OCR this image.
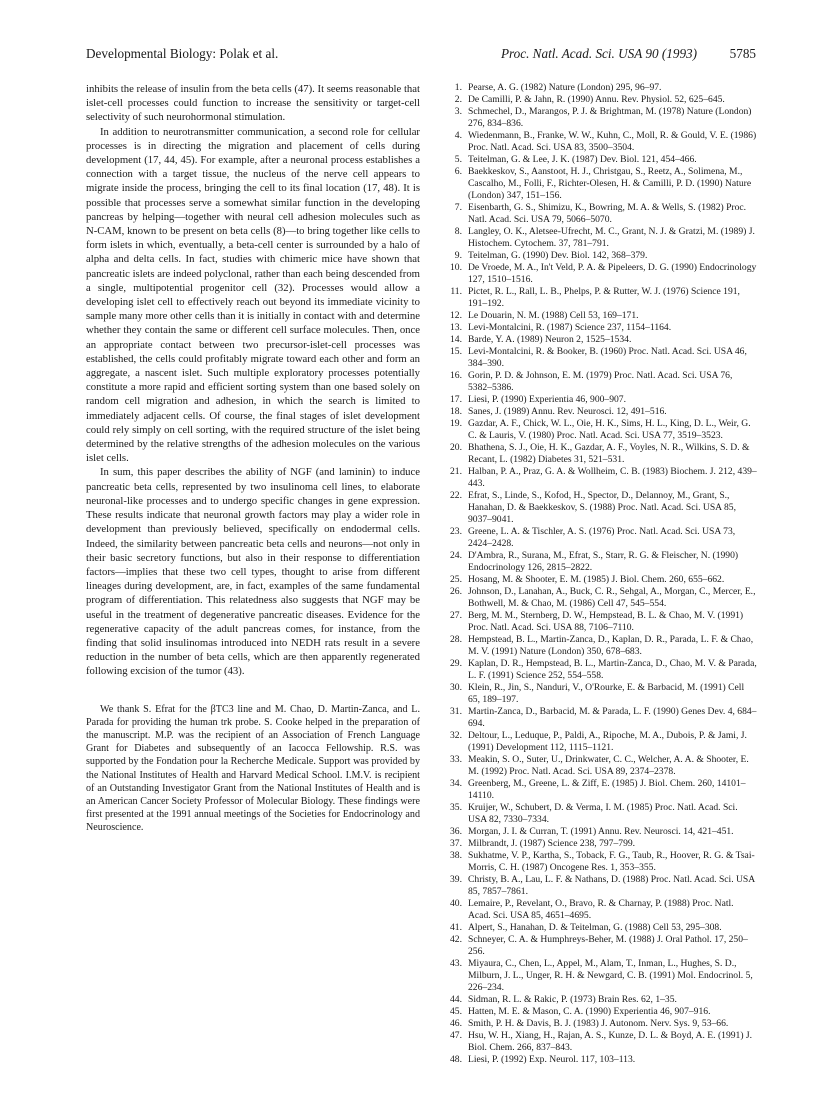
Developmental Biology: Polak et al.	Proc. Natl. Acad. Sci. USA 90 (1993) 5785

inhibits the release of insulin from the beta cells (47). It seems reasonable that islet-cell processes could function to increase the sensitivity or target-cell selectivity of such neurohormonal stimulation.

In addition to neurotransmitter communication, a second role for cellular processes is in directing the migration and placement of cells during development (17, 44, 45). For example, after a neuronal process establishes a connection with a target tissue, the nucleus of the nerve cell appears to migrate inside the process, bringing the cell to its final location (17, 48). It is possible that processes serve a somewhat similar function in the developing pancreas by helping—together with neural cell adhesion molecules such as N-CAM, known to be present on beta cells (8)—to bring together like cells to form islets in which, eventually, a beta-cell center is surrounded by a halo of alpha and delta cells. In fact, studies with chimeric mice have shown that pancreatic islets are indeed polyclonal, rather than each being descended from a single, multipotential progenitor cell (32). Processes would allow a developing islet cell to effectively reach out beyond its immediate vicinity to sample many more other cells than it is initially in contact with and determine whether they contain the same or different cell surface molecules. Then, once an appropriate contact between two precursor-islet-cell processes was established, the cells could profitably migrate toward each other and form an aggregate, a nascent islet. Such multiple exploratory processes potentially constitute a more rapid and efficient sorting system than one based solely on random cell migration and adhesion, in which the search is limited to immediately adjacent cells. Of course, the final stages of islet development could rely simply on cell sorting, with the required structure of the islet being determined by the relative strengths of the adhesion molecules on the various islet cells.

In sum, this paper describes the ability of NGF (and laminin) to induce pancreatic beta cells, represented by two insulinoma cell lines, to elaborate neuronal-like processes and to undergo specific changes in gene expression. These results indicate that neuronal growth factors may play a wider role in development than previously believed, specifically on endodermal cells. Indeed, the similarity between pancreatic beta cells and neurons—not only in their basic secretory functions, but also in their response to differentiation factors—implies that these two cell types, thought to arise from different lineages during development, are, in fact, examples of the same fundamental program of differentiation. This relatedness also suggests that NGF may be useful in the treatment of degenerative pancreatic diseases. Evidence for the regenerative capacity of the adult pancreas comes, for instance, from the finding that solid insulinomas introduced into NEDH rats result in a severe reduction in the number of beta cells, which are then apparently regenerated following excision of the tumor (43).

We thank S. Efrat for the βTC3 line and M. Chao, D. Martin-Zanca, and L. Parada for providing the human trk probe. S. Cooke helped in the preparation of the manuscript. M.P. was the recipient of an Association of French Language Grant for Diabetes and subsequently of an Iacocca Fellowship. R.S. was supported by the Fondation pour la Recherche Medicale. Support was provided by the National Institutes of Health and Harvard Medical School. I.M.V. is recipient of an Outstanding Investigator Grant from the National Institutes of Health and is an American Cancer Society Professor of Molecular Biology. These findings were first presented at the 1991 annual meetings of the Societies for Endocrinology and Neuroscience.

1. Pearse, A. G. (1982) Nature (London) 295, 96–97.
2. De Camilli, P. & Jahn, R. (1990) Annu. Rev. Physiol. 52, 625–645.
3. Schmechel, D., Marangos, P. J. & Brightman, M. (1978) Nature (London) 276, 834–836.
4. Wiedenmann, B., Franke, W. W., Kuhn, C., Moll, R. & Gould, V. E. (1986) Proc. Natl. Acad. Sci. USA 83, 3500–3504.
5. Teitelman, G. & Lee, J. K. (1987) Dev. Biol. 121, 454–466.
6. Baekkeskov, S., Aanstoot, H. J., Christgau, S., Reetz, A., Solimena, M., Cascalho, M., Folli, F., Richter-Olesen, H. & Camilli, P. D. (1990) Nature (London) 347, 151–156.
7. Eisenbarth, G. S., Shimizu, K., Bowring, M. A. & Wells, S. (1982) Proc. Natl. Acad. Sci. USA 79, 5066–5070.
8. Langley, O. K., Aletsee-Ufrecht, M. C., Grant, N. J. & Gratzi, M. (1989) J. Histochem. Cytochem. 37, 781–791.
9. Teitelman, G. (1990) Dev. Biol. 142, 368–379.
10. De Vroede, M. A., In't Veld, P. A. & Pipeleers, D. G. (1990) Endocrinology 127, 1510–1516.
11. Pictet, R. L., Rall, L. B., Phelps, P. & Rutter, W. J. (1976) Science 191, 191–192.
12. Le Douarin, N. M. (1988) Cell 53, 169–171.
13. Levi-Montalcini, R. (1987) Science 237, 1154–1164.
14. Barde, Y. A. (1989) Neuron 2, 1525–1534.
15. Levi-Montalcini, R. & Booker, B. (1960) Proc. Natl. Acad. Sci. USA 46, 384–390.
16. Gorin, P. D. & Johnson, E. M. (1979) Proc. Natl. Acad. Sci. USA 76, 5382–5386.
17. Liesi, P. (1990) Experientia 46, 900–907.
18. Sanes, J. (1989) Annu. Rev. Neurosci. 12, 491–516.
19. Gazdar, A. F., Chick, W. L., Oie, H. K., Sims, H. L., King, D. L., Weir, G. C. & Lauris, V. (1980) Proc. Natl. Acad. Sci. USA 77, 3519–3523.
20. Bhathena, S. J., Oie, H. K., Gazdar, A. F., Voyles, N. R., Wilkins, S. D. & Recant, L. (1982) Diabetes 31, 521–531.
21. Halban, P. A., Praz, G. A. & Wollheim, C. B. (1983) Biochem. J. 212, 439–443.
22. Efrat, S., Linde, S., Kofod, H., Spector, D., Delannoy, M., Grant, S., Hanahan, D. & Baekkeskov, S. (1988) Proc. Natl. Acad. Sci. USA 85, 9037–9041.
23. Greene, L. A. & Tischler, A. S. (1976) Proc. Natl. Acad. Sci. USA 73, 2424–2428.
24. D'Ambra, R., Surana, M., Efrat, S., Starr, R. G. & Fleischer, N. (1990) Endocrinology 126, 2815–2822.
25. Hosang, M. & Shooter, E. M. (1985) J. Biol. Chem. 260, 655–662.
26. Johnson, D., Lanahan, A., Buck, C. R., Sehgal, A., Morgan, C., Mercer, E., Bothwell, M. & Chao, M. (1986) Cell 47, 545–554.
27. Berg, M. M., Sternberg, D. W., Hempstead, B. L. & Chao, M. V. (1991) Proc. Natl. Acad. Sci. USA 88, 7106–7110.
28. Hempstead, B. L., Martin-Zanca, D., Kaplan, D. R., Parada, L. F. & Chao, M. V. (1991) Nature (London) 350, 678–683.
29. Kaplan, D. R., Hempstead, B. L., Martin-Zanca, D., Chao, M. V. & Parada, L. F. (1991) Science 252, 554–558.
30. Klein, R., Jin, S., Nanduri, V., O'Rourke, E. & Barbacid, M. (1991) Cell 65, 189–197.
31. Martin-Zanca, D., Barbacid, M. & Parada, L. F. (1990) Genes Dev. 4, 684–694.
32. Deltour, L., Leduque, P., Paldi, A., Ripoche, M. A., Dubois, P. & Jami, J. (1991) Development 112, 1115–1121.
33. Meakin, S. O., Suter, U., Drinkwater, C. C., Welcher, A. A. & Shooter, E. M. (1992) Proc. Natl. Acad. Sci. USA 89, 2374–2378.
34. Greenberg, M., Greene, L. & Ziff, E. (1985) J. Biol. Chem. 260, 14101–14110.
35. Kruijer, W., Schubert, D. & Verma, I. M. (1985) Proc. Natl. Acad. Sci. USA 82, 7330–7334.
36. Morgan, J. I. & Curran, T. (1991) Annu. Rev. Neurosci. 14, 421–451.
37. Milbrandt, J. (1987) Science 238, 797–799.
38. Sukhatme, V. P., Kartha, S., Toback, F. G., Taub, R., Hoover, R. G. & Tsai-Morris, C. H. (1987) Oncogene Res. 1, 353–355.
39. Christy, B. A., Lau, L. F. & Nathans, D. (1988) Proc. Natl. Acad. Sci. USA 85, 7857–7861.
40. Lemaire, P., Revelant, O., Bravo, R. & Charnay, P. (1988) Proc. Natl. Acad. Sci. USA 85, 4651–4695.
41. Alpert, S., Hanahan, D. & Teitelman, G. (1988) Cell 53, 295–308.
42. Schneyer, C. A. & Humphreys-Beher, M. (1988) J. Oral Pathol. 17, 250–256.
43. Miyaura, C., Chen, L., Appel, M., Alam, T., Inman, L., Hughes, S. D., Milburn, J. L., Unger, R. H. & Newgard, C. B. (1991) Mol. Endocrinol. 5, 226–234.
44. Sidman, R. L. & Rakic, P. (1973) Brain Res. 62, 1–35.
45. Hatten, M. E. & Mason, C. A. (1990) Experientia 46, 907–916.
46. Smith, P. H. & Davis, B. J. (1983) J. Autonom. Nerv. Sys. 9, 53–66.
47. Hsu, W. H., Xiang, H., Rajan, A. S., Kunze, D. L. & Boyd, A. E. (1991) J. Biol. Chem. 266, 837–843.
48. Liesi, P. (1992) Exp. Neurol. 117, 103–113.
